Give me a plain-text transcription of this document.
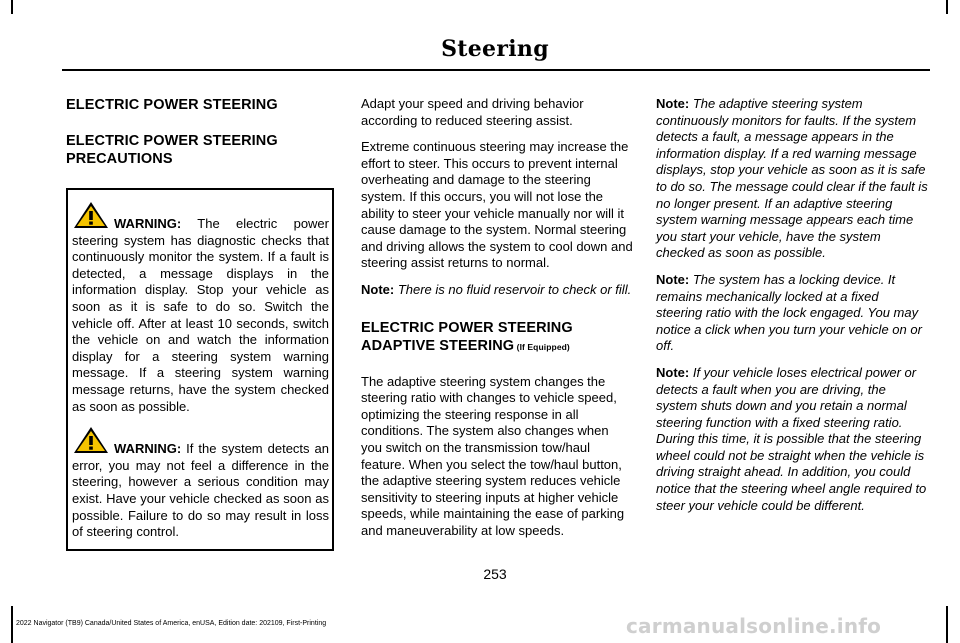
Steering
ELECTRIC POWER STEERING
ELECTRIC POWER STEERING PRECAUTIONS

WARNING: The electric power steering system has diagnostic checks that continuously monitor the system. If a fault is detected, a message displays in the information display. Stop your vehicle as soon as it is safe to do so. Switch the vehicle off. After at least 10 seconds, switch the vehicle on and watch the information display for a steering system warning message. If a steering system warning message returns, have the system checked as soon as possible.

WARNING: If the system detects an error, you may not feel a difference in the steering, however a serious condition may exist. Have your vehicle checked as soon as possible. Failure to do so may result in loss of steering control.

Adapt your speed and driving behavior according to reduced steering assist.

Extreme continuous steering may increase the effort to steer. This occurs to prevent internal overheating and damage to the steering system. If this occurs, you will not lose the ability to steer your vehicle manually nor will it cause damage to the system. Normal steering and driving allows the system to cool down and steering assist returns to normal.

Note: There is no fluid reservoir to check or fill.

ELECTRIC POWER STEERING ADAPTIVE STEERING (If Equipped)

The adaptive steering system changes the steering ratio with changes to vehicle speed, optimizing the steering response in all conditions. The system also changes when you switch on the transmission tow/haul feature. When you select the tow/haul button, the adaptive steering system reduces vehicle sensitivity to steering inputs at higher vehicle speeds, while maintaining the ease of parking and maneuverability at low speeds.

Note: The adaptive steering system continuously monitors for faults. If the system detects a fault, a message appears in the information display. If a red warning message displays, stop your vehicle as soon as it is safe to do so. The message could clear if the fault is no longer present. If an adaptive steering system warning message appears each time you start your vehicle, have the system checked as soon as possible.

Note: The system has a locking device. It remains mechanically locked at a fixed steering ratio with the lock engaged. You may notice a click when you turn your vehicle on or off.

Note: If your vehicle loses electrical power or detects a fault when you are driving, the system shuts down and you retain a normal steering function with a fixed steering ratio. During this time, it is possible that the steering wheel could not be straight when the vehicle is driving straight ahead. In addition, you could notice that the steering wheel angle required to steer your vehicle could be different.

253
2022 Navigator (TB9) Canada/United States of America, enUSA, Edition date: 202109, First-Printing	carmanualsonline.info
